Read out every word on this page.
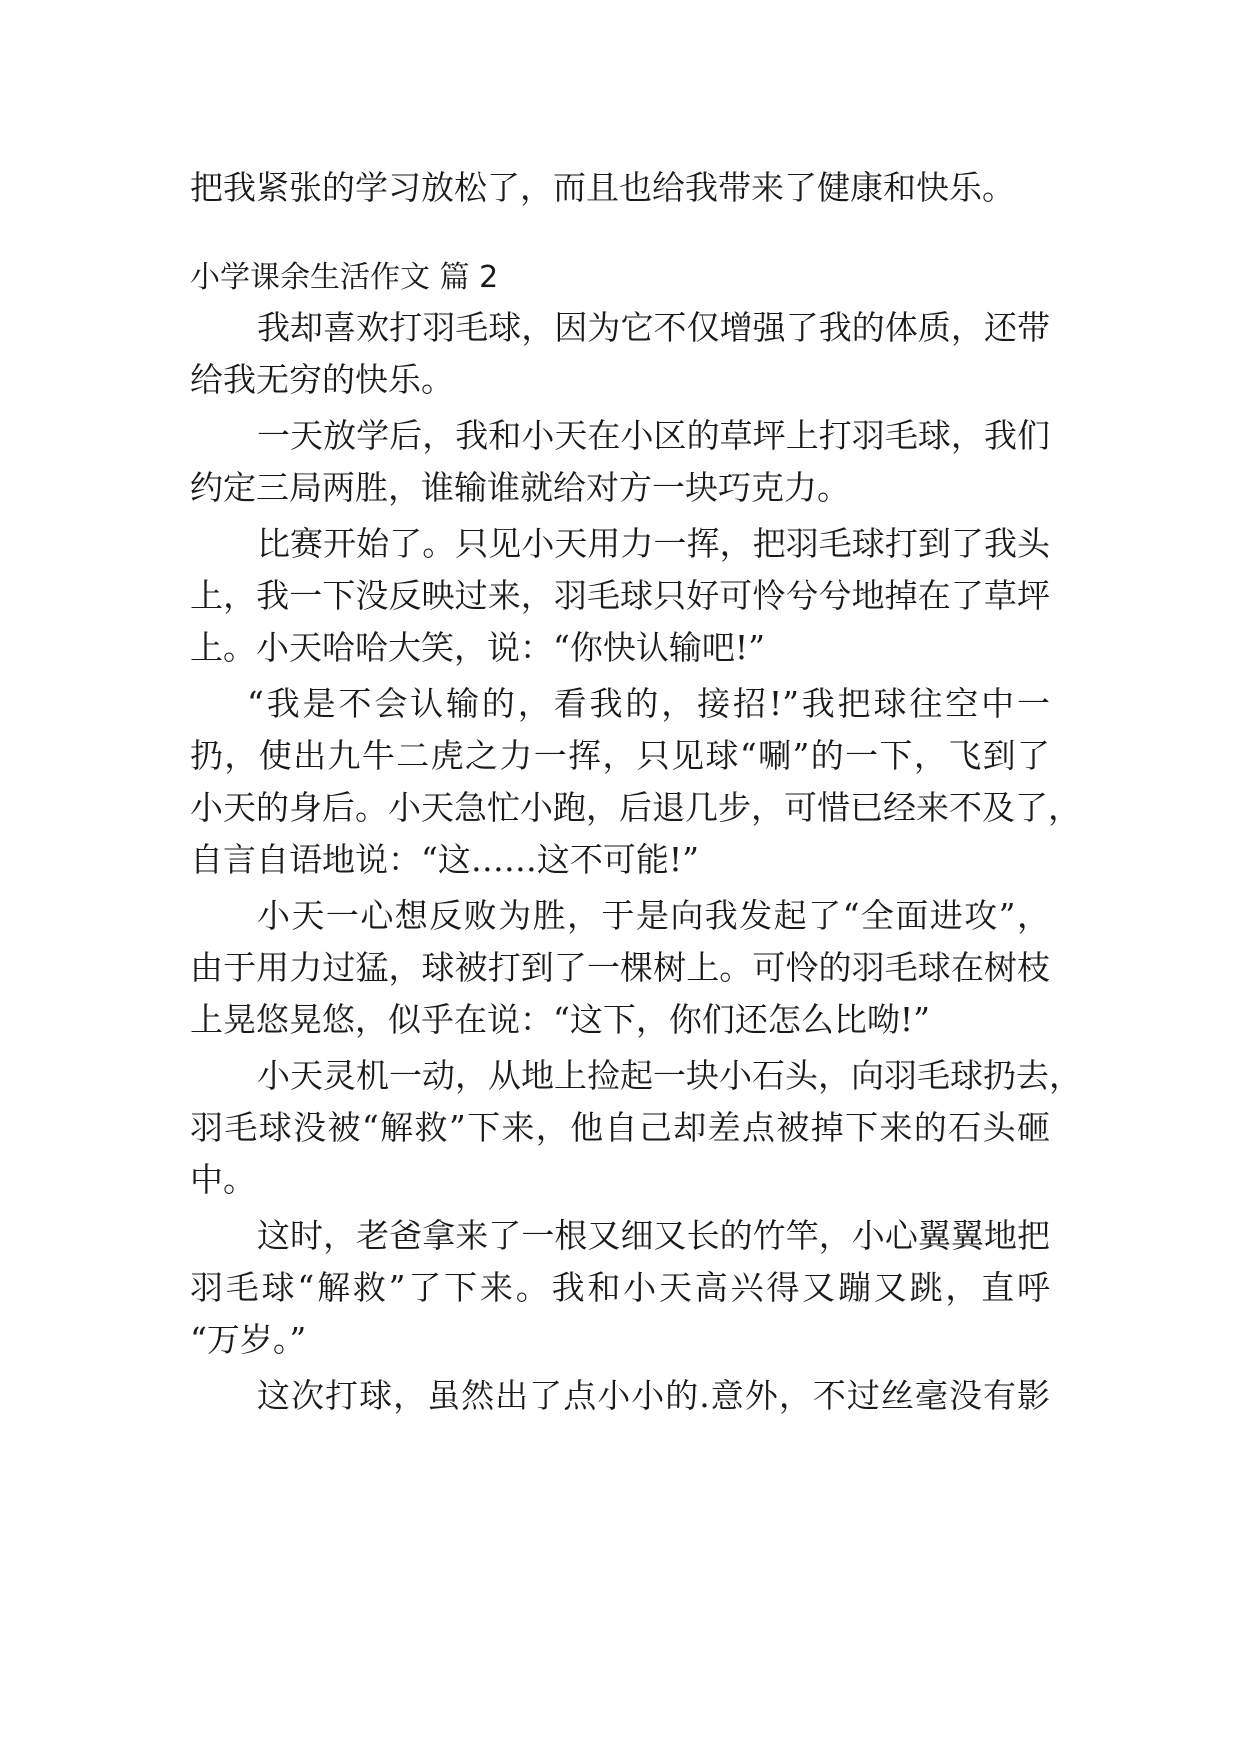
把我紧张的学习放松了，而且也给我带来了健康和快乐。
小学课余生活作文 篇 2
我却喜欢打羽毛球，因为它不仅增强了我的体质，还带
给我无穷的快乐。
一天放学后，我和小天在小区的草坪上打羽毛球，我们
约定三局两胜，谁输谁就给对方一块巧克力。
比赛开始了。只见小天用力一挥，把羽毛球打到了我头
上，我一下没反映过来，羽毛球只好可怜兮兮地掉在了草坪
上。小天哈哈大笑，说：“你快认输吧!”
“我是不会认输的，看我的，接招!”我把球往空中一
扔，使出九牛二虎之力一挥，只见球“唰”的一下，飞到了
小天的身后。小天急忙小跑，后退几步，可惜已经来不及了，
自言自语地说：“这……这不可能!”
小天一心想反败为胜，于是向我发起了“全面进攻”，
由于用力过猛，球被打到了一棵树上。可怜的羽毛球在树枝
上晃悠晃悠，似乎在说：“这下，你们还怎么比呦!”
小天灵机一动，从地上捡起一块小石头，向羽毛球扔去，
羽毛球没被“解救”下来，他自己却差点被掉下来的石头砸
中。
这时，老爸拿来了一根又细又长的竹竿，小心翼翼地把
羽毛球“解救”了下来。我和小天高兴得又蹦又跳，直呼
“万岁。”
这次打球，虽然出了点小小的.意外，不过丝毫没有影
